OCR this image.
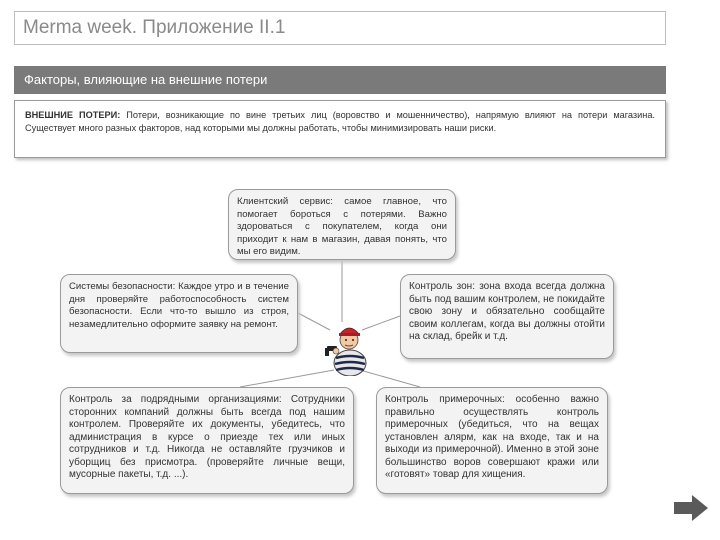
Merma week. Приложение II.1
Факторы, влияющие на внешние потери
ВНЕШНИЕ ПОТЕРИ: Потери, возникающие по вине третьих лиц (воровство и мошенничество), напрямую влияют на потери магазина. Существует много разных факторов, над которыми мы должны работать, чтобы минимизировать наши риски.
Клиентский сервис: самое главное, что помогает бороться с потерями. Важно здороваться с покупателем, когда они приходит к нам в магазин, давая понять, что мы его видим.
Системы безопасности: Каждое утро и в течение дня проверяйте работоспособность систем безопасности. Если что-то вышло из строя, незамедлительно оформите заявку на ремонт.
Контроль зон: зона входа всегда должна быть под вашим контролем, не покидайте свою зону и обязательно сообщайте своим коллегам, когда вы должны отойти на склад, брейк и т.д.
Контроль за подрядными организациями: Сотрудники сторонних компаний должны быть всегда под нашим контролем. Проверяйте их документы, убедитесь, что администрация в курсе о приезде тех или иных сотрудников и т.д. Никогда не оставляйте грузчиков и уборщиц без присмотра. (проверяйте личные вещи, мусорные пакеты, т.д. ...).
Контроль примерочных: особенно важно правильно осуществлять контроль примерочных (убедиться, что на вещах установлен алярм, как на входе, так и на выходи из примерочной). Именно в этой зоне большинство воров совершают кражи или «готовят» товар для хищения.
